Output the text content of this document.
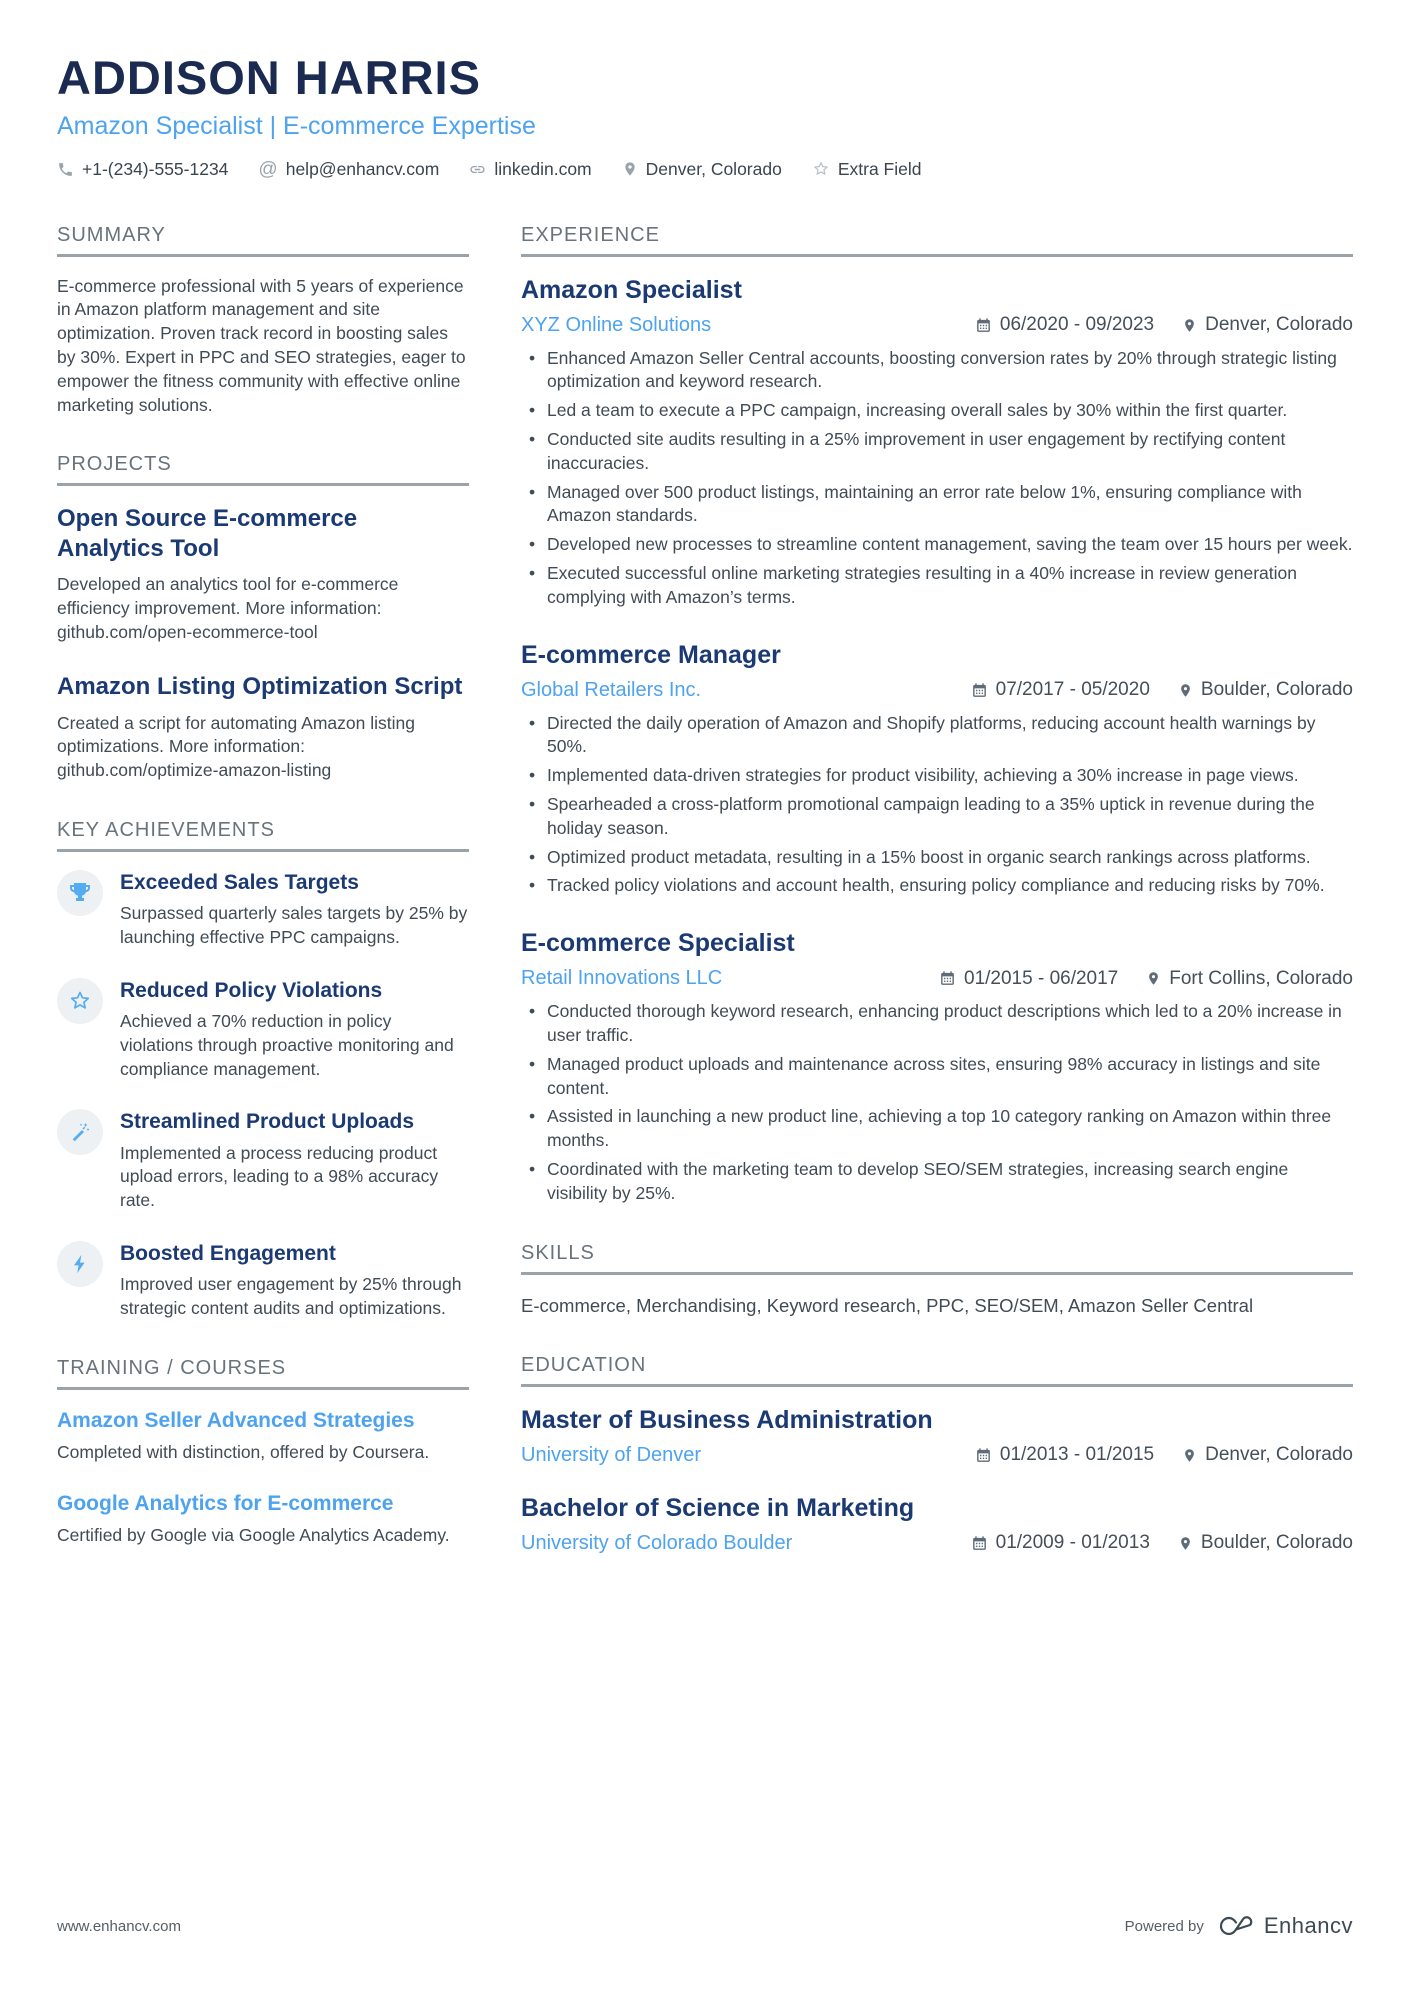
ADDISON HARRIS
Amazon Specialist | E-commerce Expertise
+1-(234)-555-1234 @ help@enhancv.com	linkedin.com	Denver, Colorado	Extra Field
SUMMARY

E-commerce professional with 5 years of experience in Amazon platform management and site optimization. Proven track record in boosting sales by 30%. Expert in PPC and SEO strategies, eager to empower the fitness community with effective online marketing solutions.

PROJECTS
Open Source E-commerce Analytics Tool

Developed an analytics tool for e-commerce efficiency improvement. More information: github.com/open-ecommerce-tool

Amazon Listing Optimization Script

Created a script for automating Amazon listing optimizations. More information: github.com/optimize-amazon-listing

KEY ACHIEVEMENTS
Exceeded Sales Targets

Surpassed quarterly sales targets by 25% by launching effective PPC campaigns.

Reduced Policy Violations

Achieved a 70% reduction in policy violations through proactive monitoring and compliance management.

Streamlined Product Uploads

Implemented a process reducing product upload errors, leading to a 98% accuracy rate.

Boosted Engagement

Improved user engagement by 25% through strategic content audits and optimizations.

TRAINING / COURSES
Amazon Seller Advanced Strategies

Completed with distinction, offered by Coursera.

Google Analytics for E-commerce

Certified by Google via Google Analytics Academy.

EXPERIENCE
Amazon Specialist
XYZ Online Solutions	06/2020 - 09/2023	Denver, Colorado
• Enhanced Amazon Seller Central accounts, boosting conversion rates by 20% through strategic listing optimization and keyword research.
• Led a team to execute a PPC campaign, increasing overall sales by 30% within the first quarter.
• Conducted site audits resulting in a 25% improvement in user engagement by rectifying content inaccuracies.
• Managed over 500 product listings, maintaining an error rate below 1%, ensuring compliance with Amazon standards.
• Developed new processes to streamline content management, saving the team over 15 hours per week.
• Executed successful online marketing strategies resulting in a 40% increase in review generation complying with Amazon’s terms.
E-commerce Manager
Global Retailers Inc.	07/2017 - 05/2020	Boulder, Colorado
• Directed the daily operation of Amazon and Shopify platforms, reducing account health warnings by 50%.
• Implemented data-driven strategies for product visibility, achieving a 30% increase in page views.
• Spearheaded a cross-platform promotional campaign leading to a 35% uptick in revenue during the holiday season.
• Optimized product metadata, resulting in a 15% boost in organic search rankings across platforms.
• Tracked policy violations and account health, ensuring policy compliance and reducing risks by 70%.
E-commerce Specialist
Retail Innovations LLC	01/2015 - 06/2017	Fort Collins, Colorado
• Conducted thorough keyword research, enhancing product descriptions which led to a 20% increase in user traffic.
• Managed product uploads and maintenance across sites, ensuring 98% accuracy in listings and site content.
• Assisted in launching a new product line, achieving a top 10 category ranking on Amazon within three months.
• Coordinated with the marketing team to develop SEO/SEM strategies, increasing search engine visibility by 25%.
SKILLS

E-commerce, Merchandising, Keyword research, PPC, SEO/SEM, Amazon Seller Central

EDUCATION
Master of Business Administration
University of Denver	01/2013 - 01/2015	Denver, Colorado
Bachelor of Science in Marketing
University of Colorado Boulder	01/2009 - 01/2013	Boulder, Colorado
www.enhancv.com	Powered by	Enhancv
